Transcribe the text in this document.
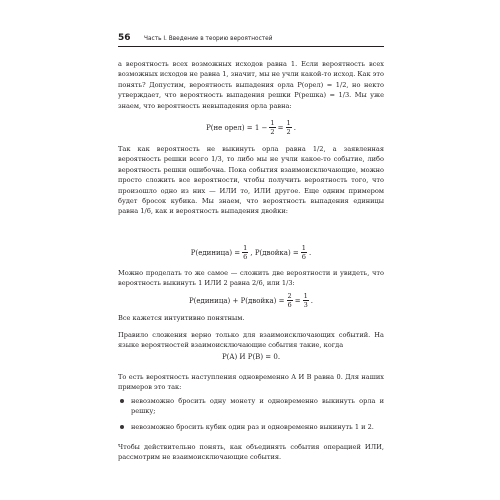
56 Часть I. Введение в теорию вероятностей

а вероятность всех возможных исходов равна 1. Если вероятность всех возможных исходов не равна 1, значит, мы не учли какой-то исход. Как это понять? Допустим, вероятность выпадения орла P(орел) = 1/2, но некто утверждает, что вероятность выпадения решки P(решка) = 1/3. Мы уже знаем, что вероятность невыпадения орла равна:

P(не орел) = $1 - \frac{1}{2} = \frac{1}{2}$ .

Так как вероятность не выкинуть орла равна 1/2, а заявленная вероятность решки всего 1/3, то либо мы не учли какое-то событие, либо вероятность решки ошибочна. Пока события взаимоисключающие, можно просто сложить все вероятности, чтобы получить вероятность того, что произошло одно из них — ИЛИ то, ИЛИ другое. Еще одним примером будет бросок кубика. Мы знаем, что вероятность выпадения единицы равна 1/6, как и вероятность выпадения двойки:

P(единица) = $\frac{1}{6}$ , P(двойка) = $\frac{1}{6}$ .

Можно проделать то же самое — сложить две вероятности и увидеть, что вероятность выкинуть 1 ИЛИ 2 равна 2/6, или 1/3:

P(единица) + P(двойка) = $\frac{2}{6} = \frac{1}{3}$ .

Все кажется интуитивно понятным.

Правило сложения верно только для взаимоисключающих событий. На языке вероятностей взаимоисключающие события такие, когда

P(A) И P(B) = 0.

То есть вероятность наступления одновременно A И B равна 0. Для наших примеров это так:

невозможно бросить одну монету и одновременно выкинуть орла и решку;
невозможно бросить кубик один раз и одновременно выкинуть 1 и 2.

Чтобы действительно понять, как объединять события операцией ИЛИ, рассмотрим не взаимоисключающие события.
